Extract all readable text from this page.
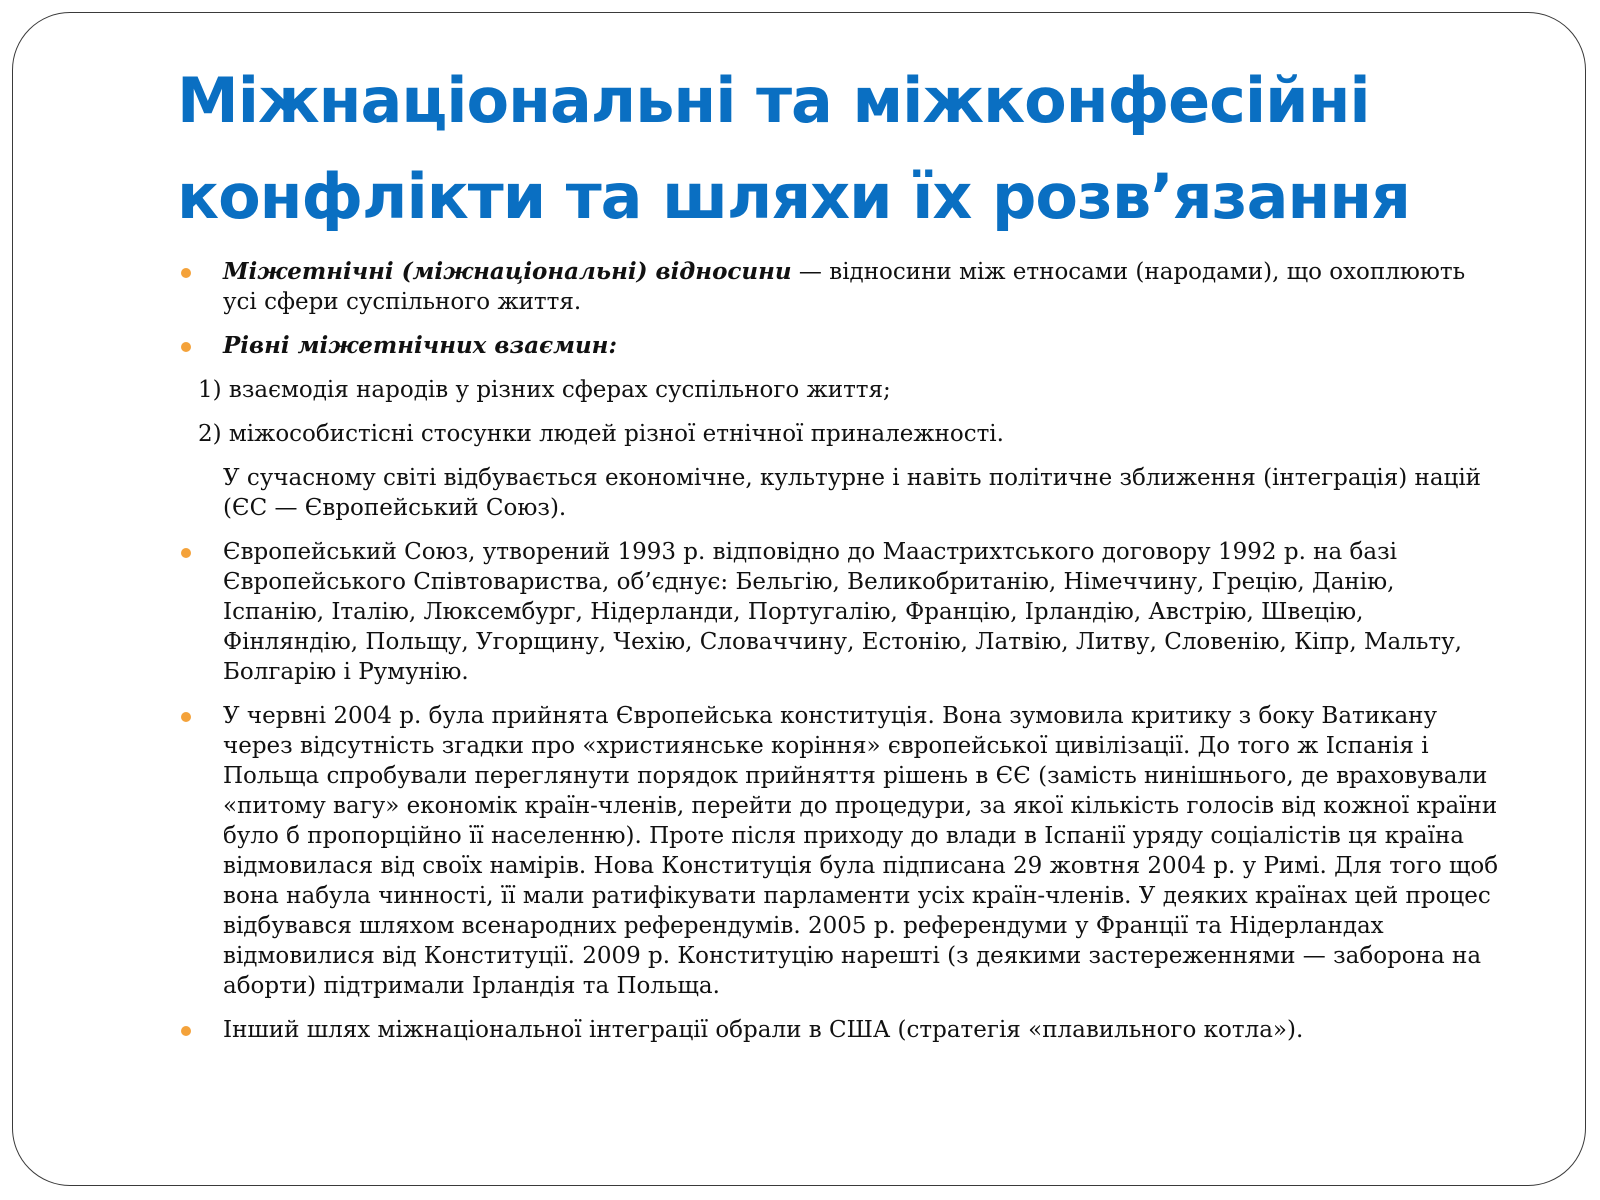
Міжнаціональні та міжконфесійні конфлікти та шляхи їх розв’язання

Міжетнічні (міжнаціональні) відносини — відносини між етносами (народами), що охоплюють усі сфери суспільного життя.

Рівні міжетнічних взаємин:

1) взаємодія народів у різних сферах суспільного життя;

2) міжособистісні стосунки людей різної етнічної приналежності.

У сучасному світі відбувається економічне, культурне і навіть політичне зближення (інтеграція) націй (ЄС — Європейський Союз).

Європейський Союз, утворений 1993 р. відповідно до Маастрихтського договору 1992 р. на базі Європейського Співтовариства, об’єднує: Бельгію, Великобританію, Німеччину, Грецію, Данію, Іспанію, Італію, Люксембург, Нідерланди, Португалію, Францію, Ірландію, Австрію, Швецію, Фінляндію, Польщу, Угорщину, Чехію, Словаччину, Естонію, Латвію, Литву, Словенію, Кіпр, Мальту, Болгарію і Румунію.

У червні 2004 р. була прийнята Європейська конституція. Вона зумовила критику з боку Ватикану через відсутність згадки про «християнське коріння» європейської цивілізації. До того ж Іспанія і Польща спробували переглянути порядок прийняття рішень в ЄЄ (замість нинішнього, де враховували «питому вагу» економік країн-членів, перейти до процедури, за якої кількість голосів від кожної країни було б пропорційно її населенню). Проте після приходу до влади в Іспанії уряду соціалістів ця країна відмовилася від своїх намірів. Нова Конституція була підписана 29 жовтня 2004 р. у Римі. Для того щоб вона набула чинності, її мали ратифікувати парламенти усіх країн-членів. У деяких країнах цей процес відбувався шляхом всенародних референдумів. 2005 р. референдуми у Франції та Нідерландах відмовилися від Конституції. 2009 р. Конституцію нарешті (з деякими застереженнями — заборона на аборти) підтримали Ірландія та Польща.

Інший шлях міжнаціональної інтеграції обрали в США (стратегія «плавильного котла»).
